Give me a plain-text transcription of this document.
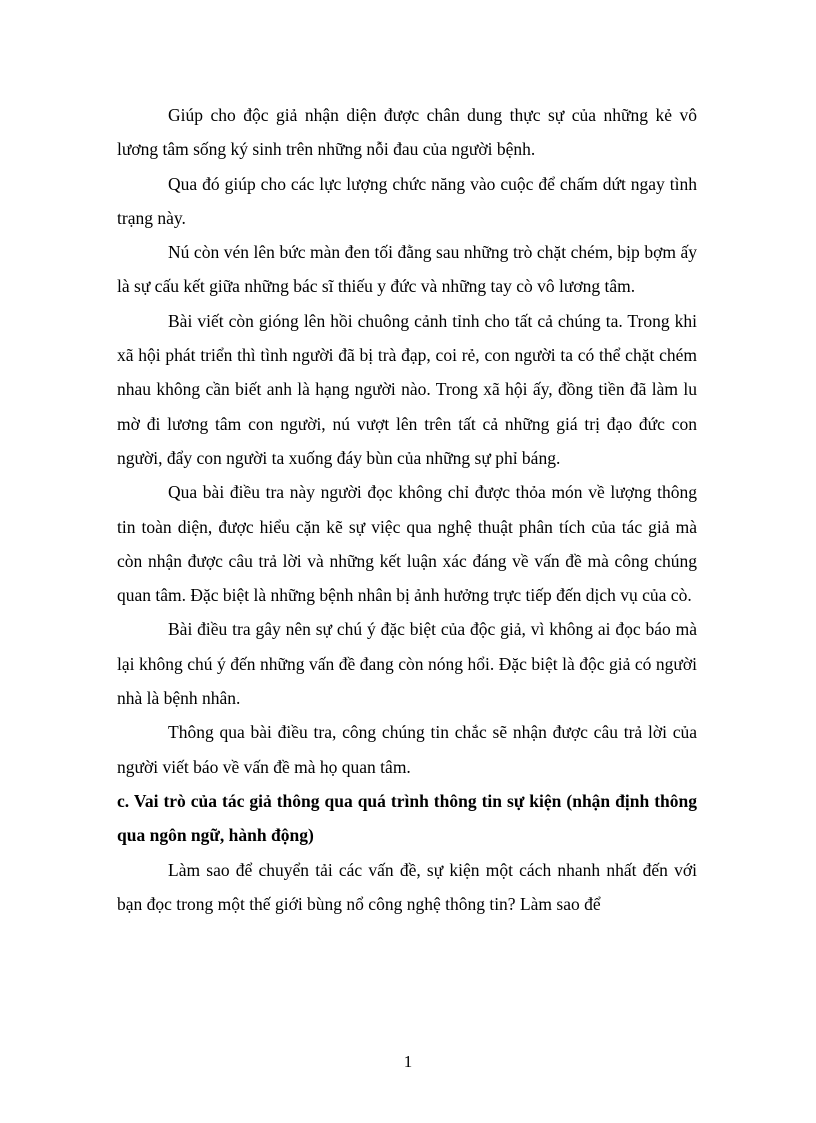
Giúp cho độc giả nhận diện được chân dung thực sự của những kẻ vô lương tâm sống ký sinh trên những nỗi đau của người bệnh.

Qua đó giúp cho các lực lượng chức năng vào cuộc để chấm dứt ngay tình trạng này.

Nú còn vén lên bức màn đen tối đằng sau những trò chặt chém, bịp bợm ấy là sự cấu kết giữa những bác sĩ thiếu y đức và những tay cò vô lương tâm.

Bài viết còn gióng lên hồi chuông cảnh tỉnh cho tất cả chúng ta. Trong khi xã hội phát triển thì tình người đã bị trà đạp, coi rẻ, con người ta có thể chặt chém nhau không cần biết anh là hạng người nào. Trong xã hội ấy, đồng tiền đã làm lu mờ đi lương tâm con người, nú vượt lên trên tất cả những giá trị đạo đức con người, đẩy con người ta xuống đáy bùn của những sự phỉ báng.

Qua bài điều tra này người đọc không chỉ được thỏa món về lượng thông tin toàn diện, được hiểu cặn kẽ sự việc qua nghệ thuật phân tích của tác giả mà còn nhận được câu trả lời và những kết luận xác đáng về vấn đề mà công chúng quan tâm. Đặc biệt là những bệnh nhân bị ảnh hưởng trực tiếp đến dịch vụ của cò.

Bài điều tra gây nên sự chú ý đặc biệt của độc giả, vì không ai đọc báo mà lại không chú ý đến những vấn đề đang còn nóng hổi. Đặc biệt là độc giả có người nhà là bệnh nhân.

Thông qua bài điều tra, công chúng tin chắc sẽ nhận được câu trả lời của người viết báo về vấn đề mà họ quan tâm.

c. Vai trò của tác giả thông qua quá trình thông tin sự kiện (nhận định thông qua ngôn ngữ, hành động)

Làm sao để chuyển tải các vấn đề, sự kiện một cách nhanh nhất đến với bạn đọc trong một thế giới bùng nổ công nghệ thông tin? Làm sao để

1
